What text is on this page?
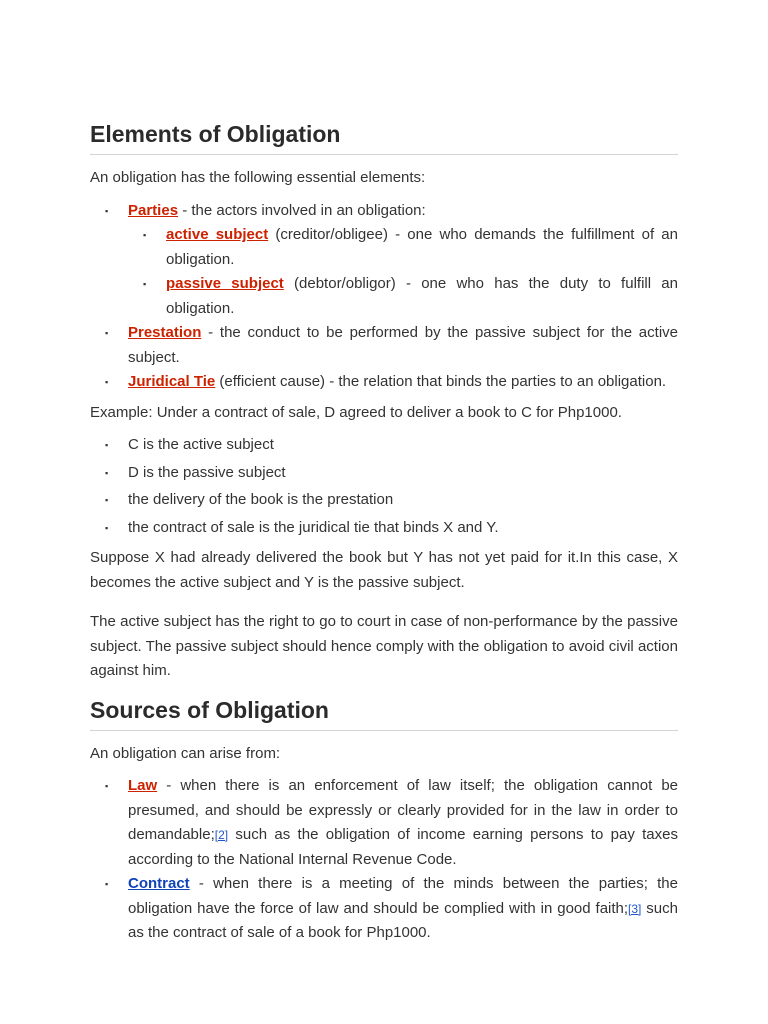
Elements of Obligation

An obligation has the following essential elements:

▪ Parties - the actors involved in an obligation:
▪ active subject (creditor/obligee) - one who demands the fulfillment of an obligation.
▪ passive subject (debtor/obligor) - one who has the duty to fulfill an obligation.
▪ Prestation - the conduct to be performed by the passive subject for the active subject.
▪ Juridical Tie (efficient cause) - the relation that binds the parties to an obligation.

Example: Under a contract of sale, D agreed to deliver a book to C for Php1000.

▪ C is the active subject
▪ D is the passive subject
▪ the delivery of the book is the prestation
▪ the contract of sale is the juridical tie that binds X and Y.

Suppose X had already delivered the book but Y has not yet paid for it.In this case, X becomes the active subject and Y is the passive subject.

The active subject has the right to go to court in case of non-performance by the passive subject. The passive subject should hence comply with the obligation to avoid civil action against him.

Sources of Obligation

An obligation can arise from:

▪ Law - when there is an enforcement of law itself; the obligation cannot be presumed, and should be expressly or clearly provided for in the law in order to demandable;[2] such as the obligation of income earning persons to pay taxes according to the National Internal Revenue Code.
▪ Contract - when there is a meeting of the minds between the parties; the obligation have the force of law and should be complied with in good faith;[3] such as the contract of sale of a book for Php1000.
